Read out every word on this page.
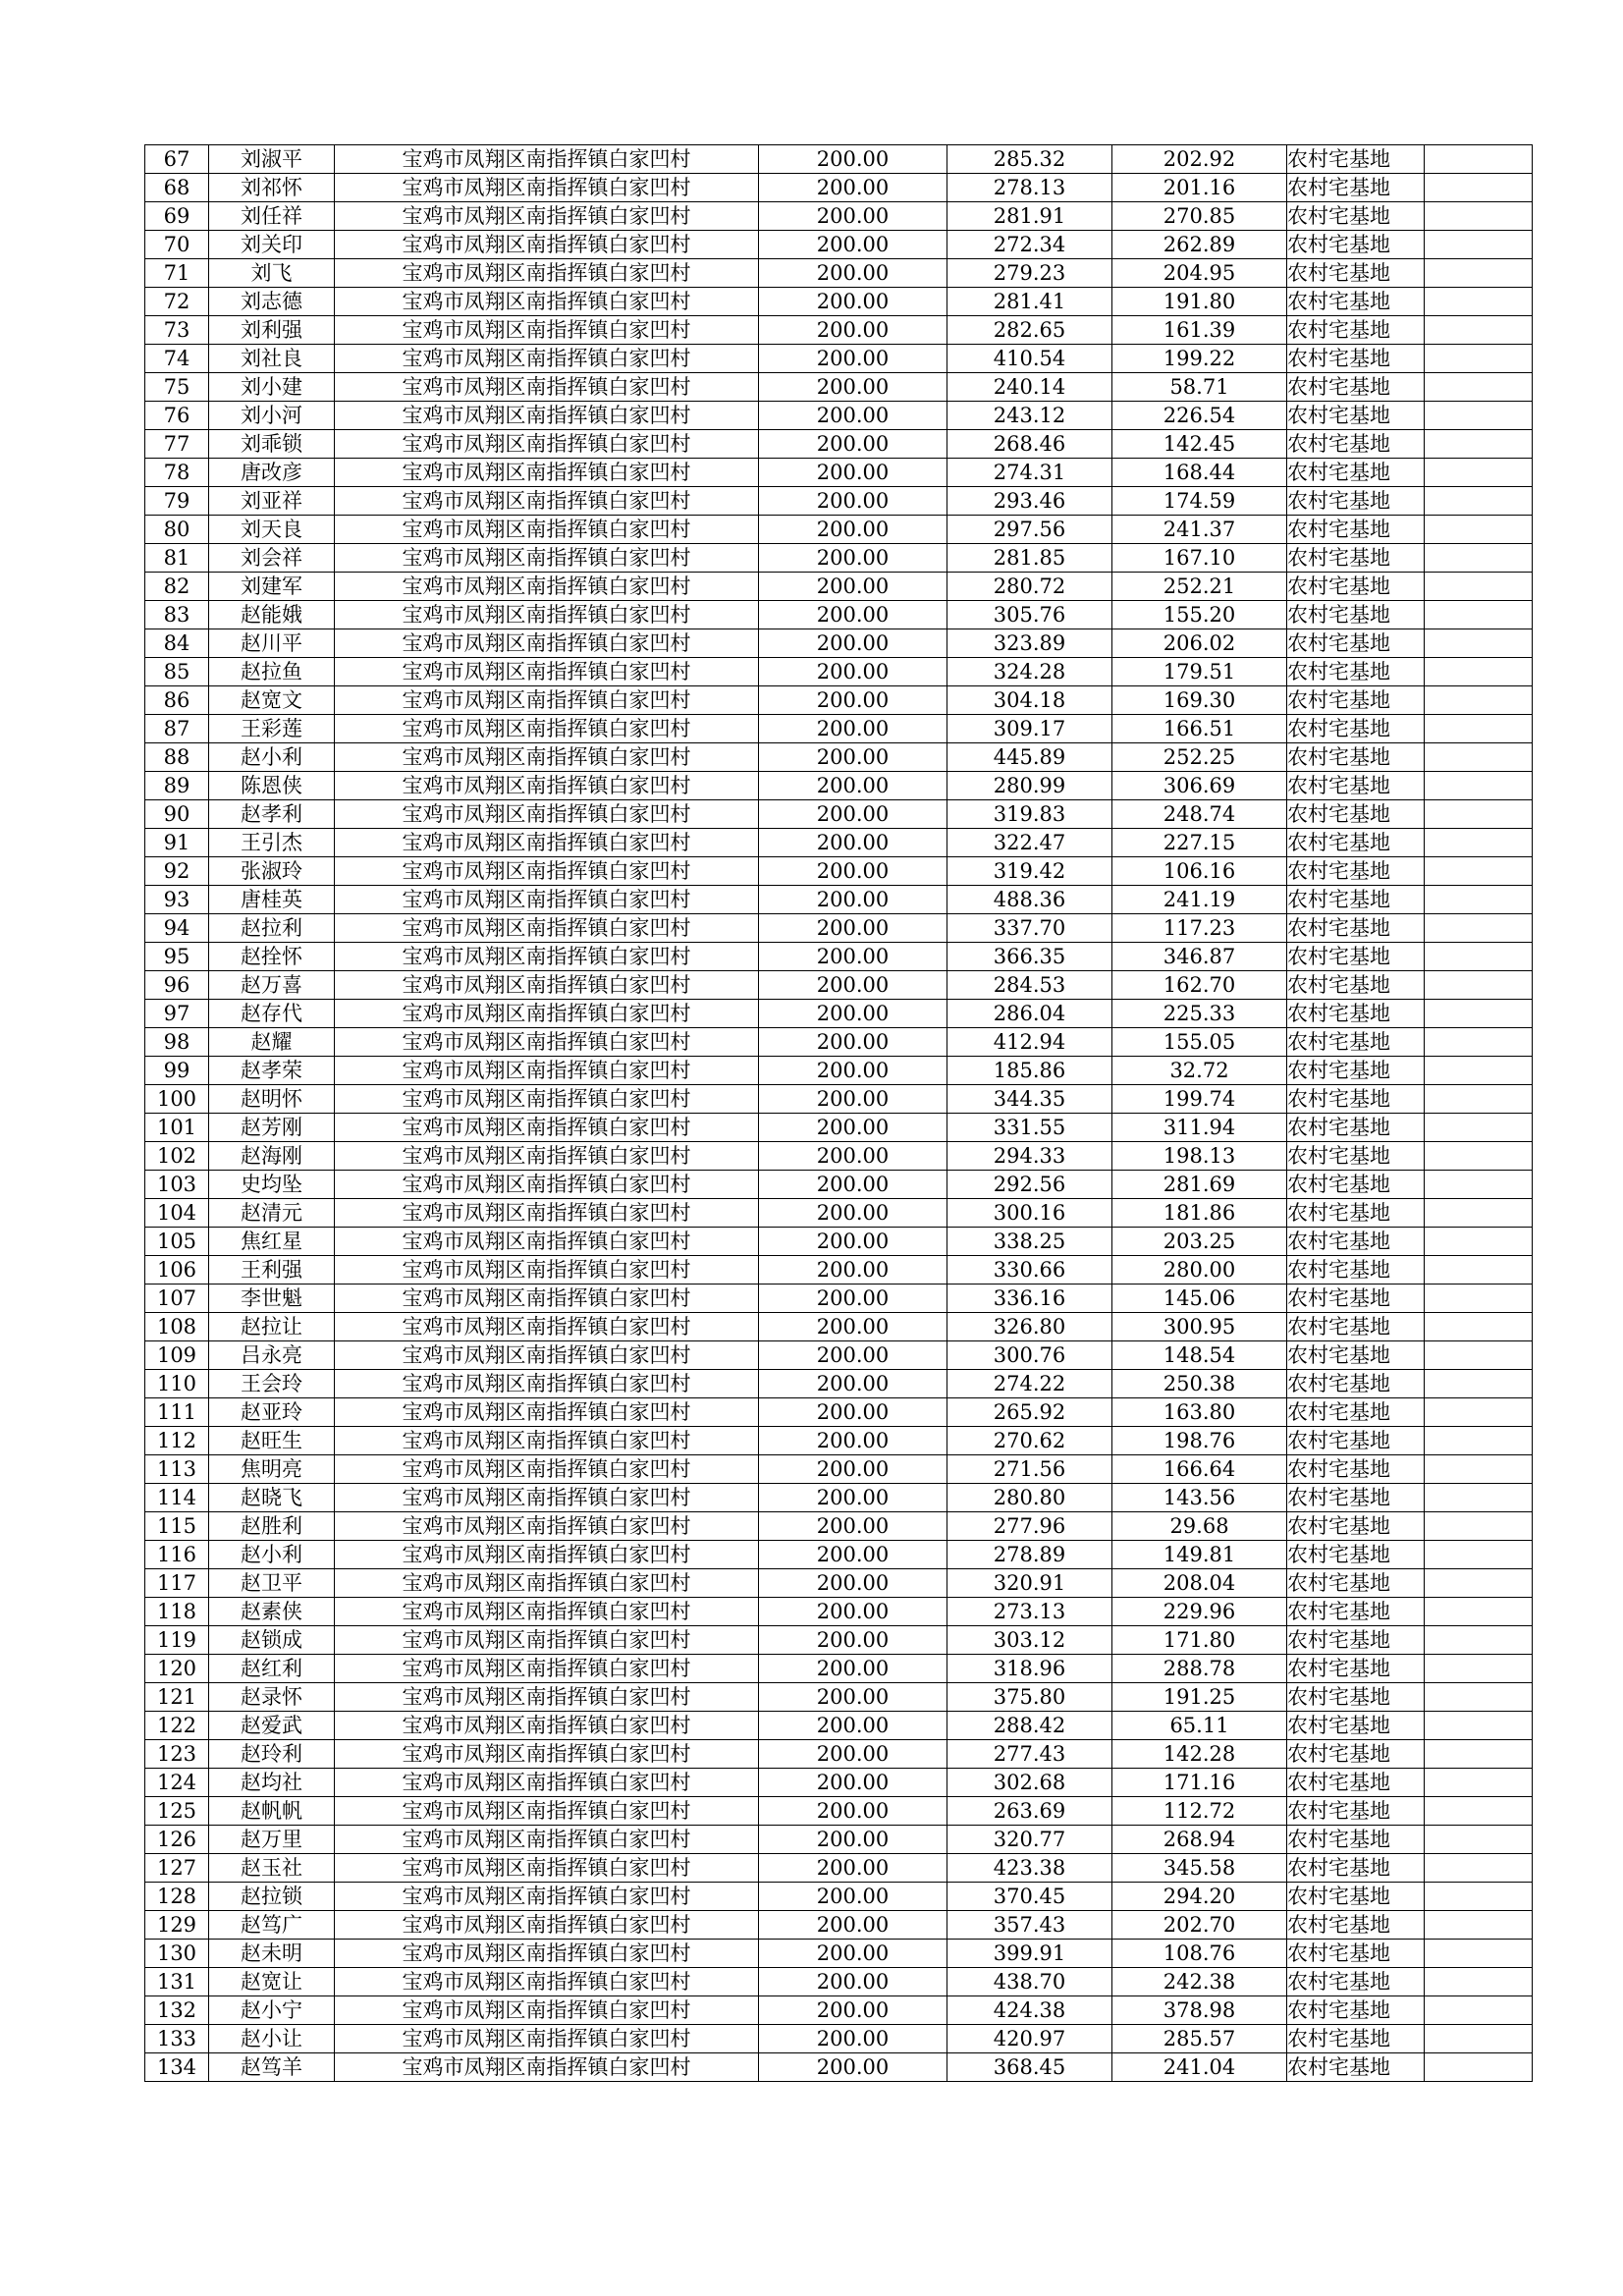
67	刘淑平	宝鸡市凤翔区南指挥镇白家凹村	200.00	285.32	202.92	农村宅基地	
68	刘祁怀	宝鸡市凤翔区南指挥镇白家凹村	200.00	278.13	201.16	农村宅基地	
69	刘任祥	宝鸡市凤翔区南指挥镇白家凹村	200.00	281.91	270.85	农村宅基地	
70	刘关印	宝鸡市凤翔区南指挥镇白家凹村	200.00	272.34	262.89	农村宅基地	
71	刘飞	宝鸡市凤翔区南指挥镇白家凹村	200.00	279.23	204.95	农村宅基地	
72	刘志德	宝鸡市凤翔区南指挥镇白家凹村	200.00	281.41	191.80	农村宅基地	
73	刘利强	宝鸡市凤翔区南指挥镇白家凹村	200.00	282.65	161.39	农村宅基地	
74	刘社良	宝鸡市凤翔区南指挥镇白家凹村	200.00	410.54	199.22	农村宅基地	
75	刘小建	宝鸡市凤翔区南指挥镇白家凹村	200.00	240.14	58.71	农村宅基地	
76	刘小河	宝鸡市凤翔区南指挥镇白家凹村	200.00	243.12	226.54	农村宅基地	
77	刘乖锁	宝鸡市凤翔区南指挥镇白家凹村	200.00	268.46	142.45	农村宅基地	
78	唐改彦	宝鸡市凤翔区南指挥镇白家凹村	200.00	274.31	168.44	农村宅基地	
79	刘亚祥	宝鸡市凤翔区南指挥镇白家凹村	200.00	293.46	174.59	农村宅基地	
80	刘天良	宝鸡市凤翔区南指挥镇白家凹村	200.00	297.56	241.37	农村宅基地	
81	刘会祥	宝鸡市凤翔区南指挥镇白家凹村	200.00	281.85	167.10	农村宅基地	
82	刘建军	宝鸡市凤翔区南指挥镇白家凹村	200.00	280.72	252.21	农村宅基地	
83	赵能娥	宝鸡市凤翔区南指挥镇白家凹村	200.00	305.76	155.20	农村宅基地	
84	赵川平	宝鸡市凤翔区南指挥镇白家凹村	200.00	323.89	206.02	农村宅基地	
85	赵拉鱼	宝鸡市凤翔区南指挥镇白家凹村	200.00	324.28	179.51	农村宅基地	
86	赵宽文	宝鸡市凤翔区南指挥镇白家凹村	200.00	304.18	169.30	农村宅基地	
87	王彩莲	宝鸡市凤翔区南指挥镇白家凹村	200.00	309.17	166.51	农村宅基地	
88	赵小利	宝鸡市凤翔区南指挥镇白家凹村	200.00	445.89	252.25	农村宅基地	
89	陈恩侠	宝鸡市凤翔区南指挥镇白家凹村	200.00	280.99	306.69	农村宅基地	
90	赵孝利	宝鸡市凤翔区南指挥镇白家凹村	200.00	319.83	248.74	农村宅基地	
91	王引杰	宝鸡市凤翔区南指挥镇白家凹村	200.00	322.47	227.15	农村宅基地	
92	张淑玲	宝鸡市凤翔区南指挥镇白家凹村	200.00	319.42	106.16	农村宅基地	
93	唐桂英	宝鸡市凤翔区南指挥镇白家凹村	200.00	488.36	241.19	农村宅基地	
94	赵拉利	宝鸡市凤翔区南指挥镇白家凹村	200.00	337.70	117.23	农村宅基地	
95	赵拴怀	宝鸡市凤翔区南指挥镇白家凹村	200.00	366.35	346.87	农村宅基地	
96	赵万喜	宝鸡市凤翔区南指挥镇白家凹村	200.00	284.53	162.70	农村宅基地	
97	赵存代	宝鸡市凤翔区南指挥镇白家凹村	200.00	286.04	225.33	农村宅基地	
98	赵耀	宝鸡市凤翔区南指挥镇白家凹村	200.00	412.94	155.05	农村宅基地	
99	赵孝荣	宝鸡市凤翔区南指挥镇白家凹村	200.00	185.86	32.72	农村宅基地	
100	赵明怀	宝鸡市凤翔区南指挥镇白家凹村	200.00	344.35	199.74	农村宅基地	
101	赵芳刚	宝鸡市凤翔区南指挥镇白家凹村	200.00	331.55	311.94	农村宅基地	
102	赵海刚	宝鸡市凤翔区南指挥镇白家凹村	200.00	294.33	198.13	农村宅基地	
103	史均坠	宝鸡市凤翔区南指挥镇白家凹村	200.00	292.56	281.69	农村宅基地	
104	赵清元	宝鸡市凤翔区南指挥镇白家凹村	200.00	300.16	181.86	农村宅基地	
105	焦红星	宝鸡市凤翔区南指挥镇白家凹村	200.00	338.25	203.25	农村宅基地	
106	王利强	宝鸡市凤翔区南指挥镇白家凹村	200.00	330.66	280.00	农村宅基地	
107	李世魁	宝鸡市凤翔区南指挥镇白家凹村	200.00	336.16	145.06	农村宅基地	
108	赵拉让	宝鸡市凤翔区南指挥镇白家凹村	200.00	326.80	300.95	农村宅基地	
109	吕永亮	宝鸡市凤翔区南指挥镇白家凹村	200.00	300.76	148.54	农村宅基地	
110	王会玲	宝鸡市凤翔区南指挥镇白家凹村	200.00	274.22	250.38	农村宅基地	
111	赵亚玲	宝鸡市凤翔区南指挥镇白家凹村	200.00	265.92	163.80	农村宅基地	
112	赵旺生	宝鸡市凤翔区南指挥镇白家凹村	200.00	270.62	198.76	农村宅基地	
113	焦明亮	宝鸡市凤翔区南指挥镇白家凹村	200.00	271.56	166.64	农村宅基地	
114	赵晓飞	宝鸡市凤翔区南指挥镇白家凹村	200.00	280.80	143.56	农村宅基地	
115	赵胜利	宝鸡市凤翔区南指挥镇白家凹村	200.00	277.96	29.68	农村宅基地	
116	赵小利	宝鸡市凤翔区南指挥镇白家凹村	200.00	278.89	149.81	农村宅基地	
117	赵卫平	宝鸡市凤翔区南指挥镇白家凹村	200.00	320.91	208.04	农村宅基地	
118	赵素侠	宝鸡市凤翔区南指挥镇白家凹村	200.00	273.13	229.96	农村宅基地	
119	赵锁成	宝鸡市凤翔区南指挥镇白家凹村	200.00	303.12	171.80	农村宅基地	
120	赵红利	宝鸡市凤翔区南指挥镇白家凹村	200.00	318.96	288.78	农村宅基地	
121	赵录怀	宝鸡市凤翔区南指挥镇白家凹村	200.00	375.80	191.25	农村宅基地	
122	赵爱武	宝鸡市凤翔区南指挥镇白家凹村	200.00	288.42	65.11	农村宅基地	
123	赵玲利	宝鸡市凤翔区南指挥镇白家凹村	200.00	277.43	142.28	农村宅基地	
124	赵均社	宝鸡市凤翔区南指挥镇白家凹村	200.00	302.68	171.16	农村宅基地	
125	赵帆帆	宝鸡市凤翔区南指挥镇白家凹村	200.00	263.69	112.72	农村宅基地	
126	赵万里	宝鸡市凤翔区南指挥镇白家凹村	200.00	320.77	268.94	农村宅基地	
127	赵玉社	宝鸡市凤翔区南指挥镇白家凹村	200.00	423.38	345.58	农村宅基地	
128	赵拉锁	宝鸡市凤翔区南指挥镇白家凹村	200.00	370.45	294.20	农村宅基地	
129	赵笃广	宝鸡市凤翔区南指挥镇白家凹村	200.00	357.43	202.70	农村宅基地	
130	赵未明	宝鸡市凤翔区南指挥镇白家凹村	200.00	399.91	108.76	农村宅基地	
131	赵宽让	宝鸡市凤翔区南指挥镇白家凹村	200.00	438.70	242.38	农村宅基地	
132	赵小宁	宝鸡市凤翔区南指挥镇白家凹村	200.00	424.38	378.98	农村宅基地	
133	赵小让	宝鸡市凤翔区南指挥镇白家凹村	200.00	420.97	285.57	农村宅基地	
134	赵笃羊	宝鸡市凤翔区南指挥镇白家凹村	200.00	368.45	241.04	农村宅基地	
